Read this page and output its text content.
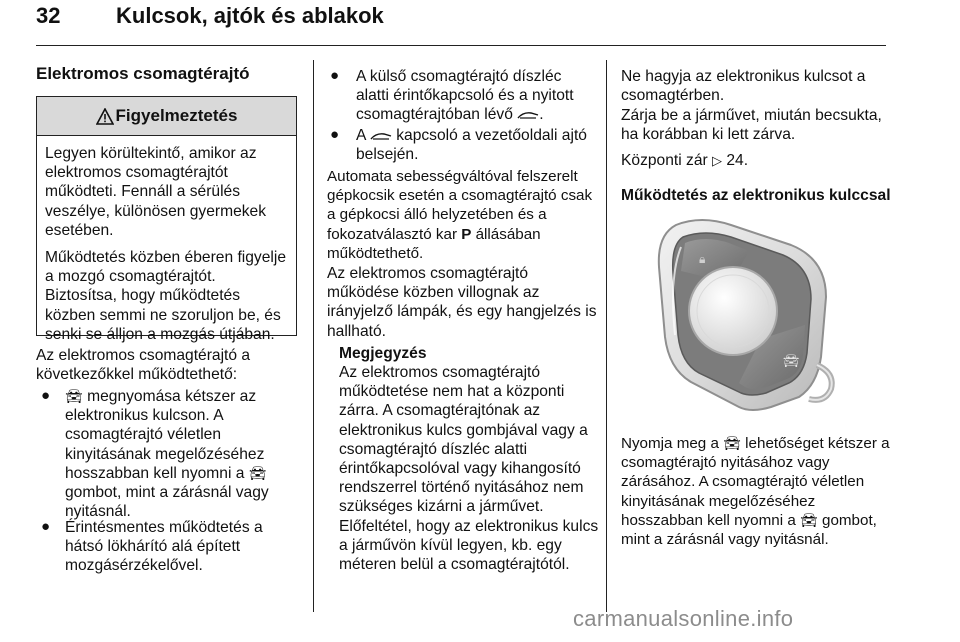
32	Kulcsok, ajtók és ablakok
Elektromos csomagtérajtó
Figyelmeztetés

Legyen körültekintő, amikor az elektromos csomagtérajtót működteti. Fennáll a sérülés veszélye, különösen gyermekek esetében.

Működtetés közben éberen figyelje a mozgó csomagtérajtót. Biztosítsa, hogy működtetés közben semmi ne szoruljon be, és senki se álljon a mozgás útjában.

Az elektromos csomagtérajtó a következőkkel működtethető:

● 🚘︎ megnyomása kétszer az elektronikus kulcson. A csomagtérajtó véletlen kinyitásának megelőzéséhez hosszabban kell nyomni a 🚘︎ gombot, mint a zárásnál vagy nyitásnál.

● Érintésmentes működtetés a hátsó lökhárító alá épített mozgásérzékelővel.

● A külső csomagtérajtó díszléc alatti érintőkapcsoló és a nyitott csomagtérajtóban lévő .

● A kapcsoló a vezetőoldali ajtó belsején.

Automata sebességváltóval felszerelt gépkocsik esetén a csomagtérajtó csak a gépkocsi álló helyzetében és a fokozatválasztó kar P állásában működtethető.

Az elektromos csomagtérajtó működése közben villognak az irányjelző lámpák, és egy hangjelzés is hallható.

Megjegyzés

Az elektromos csomagtérajtó működtetése nem hat a központi zárra. A csomagtérajtónak az elektronikus kulcs gombjával vagy a csomagtérajtó díszléc alatti érintőkapcsolóval vagy kihangosító rendszerrel történő nyitásához nem szükséges kizárni a járművet. Előfeltétel, hogy az elektronikus kulcs a járművön kívül legyen, kb. egy méteren belül a csomagtérajtótól.

Ne hagyja az elektronikus kulcsot a csomagtérben.

Zárja be a járművet, miután becsukta, ha korábban ki lett zárva.

Központi zár ▷ 24.

Működtetés az elektronikus kulccsal

🔒︎
🚘︎

Nyomja meg a 🚘︎ lehetőséget kétszer a csomagtérajtó nyitásához vagy zárásához. A csomagtérajtó véletlen kinyitásának megelőzéséhez hosszabban kell nyomni a 🚘︎ gombot, mint a zárásnál vagy nyitásnál.

carmanualsonline.info
